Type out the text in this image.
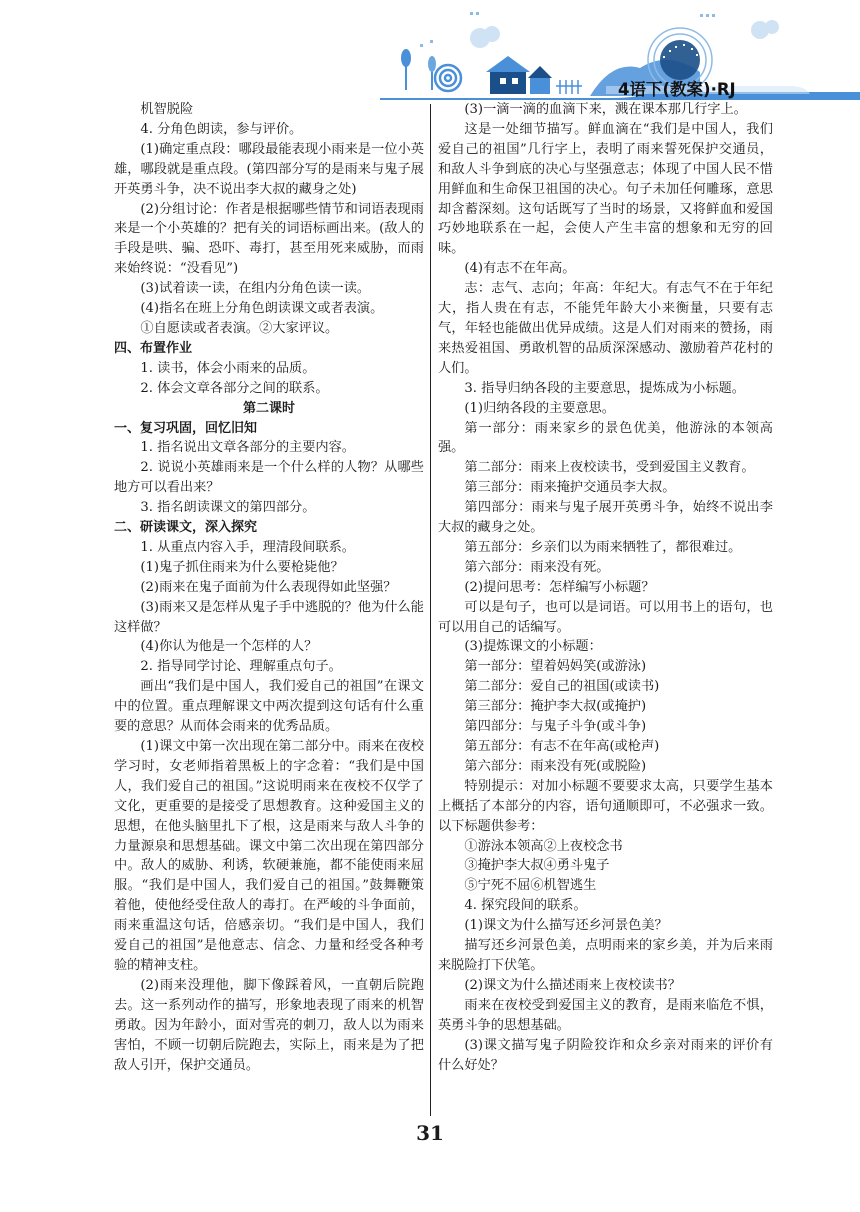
4语下(教案)·RJ

机智脱险

4. 分角色朗读，参与评价。

(1)确定重点段：哪段最能表现小雨来是一位小英雄，哪段就是重点段。(第四部分写的是雨来与鬼子展开英勇斗争，决不说出李大叔的藏身之处)

(2)分组讨论：作者是根据哪些情节和词语表现雨来是一个小英雄的？把有关的词语标画出来。(敌人的手段是哄、骗、恐吓、毒打，甚至用死来威胁，而雨来始终说：“没看见”)

(3)试着读一读，在组内分角色读一读。

(4)指名在班上分角色朗读课文或者表演。

①自愿读或者表演。②大家评议。

四、布置作业

1. 读书，体会小雨来的品质。

2. 体会文章各部分之间的联系。

第二课时

一、复习巩固，回忆旧知

1. 指名说出文章各部分的主要内容。

2. 说说小英雄雨来是一个什么样的人物？从哪些地方可以看出来？

3. 指名朗读课文的第四部分。

二、研读课文，深入探究

1. 从重点内容入手，理清段间联系。

(1)鬼子抓住雨来为什么要枪毙他？

(2)雨来在鬼子面前为什么表现得如此坚强？

(3)雨来又是怎样从鬼子手中逃脱的？他为什么能这样做？

(4)你认为他是一个怎样的人？

2. 指导同学讨论、理解重点句子。

画出“我们是中国人，我们爱自己的祖国”在课文中的位置。重点理解课文中两次提到这句话有什么重要的意思？从而体会雨来的优秀品质。

(1)课文中第一次出现在第二部分中。雨来在夜校学习时，女老师指着黑板上的字念着：“我们是中国人，我们爱自己的祖国。”这说明雨来在夜校不仅学了文化，更重要的是接受了思想教育。这种爱国主义的思想，在他头脑里扎下了根，这是雨来与敌人斗争的力量源泉和思想基础。课文中第二次出现在第四部分中。敌人的威胁、利诱，软硬兼施，都不能使雨来屈服。“我们是中国人，我们爱自己的祖国。”鼓舞鞭策着他，使他经受住敌人的毒打。在严峻的斗争面前，雨来重温这句话，倍感亲切。“我们是中国人，我们爱自己的祖国”是他意志、信念、力量和经受各种考验的精神支柱。

(2)雨来没理他，脚下像踩着风，一直朝后院跑去。这一系列动作的描写，形象地表现了雨来的机智勇敢。因为年龄小，面对雪亮的刺刀，敌人以为雨来害怕，不顾一切朝后院跑去，实际上，雨来是为了把敌人引开，保护交通员。

(3)一滴一滴的血滴下来，溅在课本那几行字上。

这是一处细节描写。鲜血滴在“我们是中国人，我们爱自己的祖国”几行字上，表明了雨来誓死保护交通员，和敌人斗争到底的决心与坚强意志；体现了中国人民不惜用鲜血和生命保卫祖国的决心。句子未加任何雕琢，意思却含蓄深刻。这句话既写了当时的场景，又将鲜血和爱国巧妙地联系在一起，会使人产生丰富的想象和无穷的回味。

(4)有志不在年高。

志：志气、志向；年高：年纪大。有志气不在于年纪大，指人贵在有志，不能凭年龄大小来衡量，只要有志气，年轻也能做出优异成绩。这是人们对雨来的赞扬，雨来热爱祖国、勇敢机智的品质深深感动、激励着芦花村的人们。

3. 指导归纳各段的主要意思，提炼成为小标题。

(1)归纳各段的主要意思。

第一部分：雨来家乡的景色优美，他游泳的本领高强。

第二部分：雨来上夜校读书，受到爱国主义教育。

第三部分：雨来掩护交通员李大叔。

第四部分：雨来与鬼子展开英勇斗争，始终不说出李大叔的藏身之处。

第五部分：乡亲们以为雨来牺牲了，都很难过。

第六部分：雨来没有死。

(2)提问思考：怎样编写小标题？

可以是句子，也可以是词语。可以用书上的语句，也可以用自己的话编写。

(3)提炼课文的小标题：

第一部分：望着妈妈笑(或游泳)

第二部分：爱自己的祖国(或读书)

第三部分：掩护李大叔(或掩护)

第四部分：与鬼子斗争(或斗争)

第五部分：有志不在年高(或枪声)

第六部分：雨来没有死(或脱险)

特别提示：对加小标题不要要求太高，只要学生基本上概括了本部分的内容，语句通顺即可，不必强求一致。以下标题供参考：

①游泳本领高②上夜校念书

③掩护李大叔④勇斗鬼子

⑤宁死不屈⑥机智逃生

4. 探究段间的联系。

(1)课文为什么描写还乡河景色美？

描写还乡河景色美，点明雨来的家乡美，并为后来雨来脱险打下伏笔。

(2)课文为什么描述雨来上夜校读书？

雨来在夜校受到爱国主义的教育，是雨来临危不惧，英勇斗争的思想基础。

(3)课文描写鬼子阴险狡诈和众乡亲对雨来的评价有什么好处？

31
